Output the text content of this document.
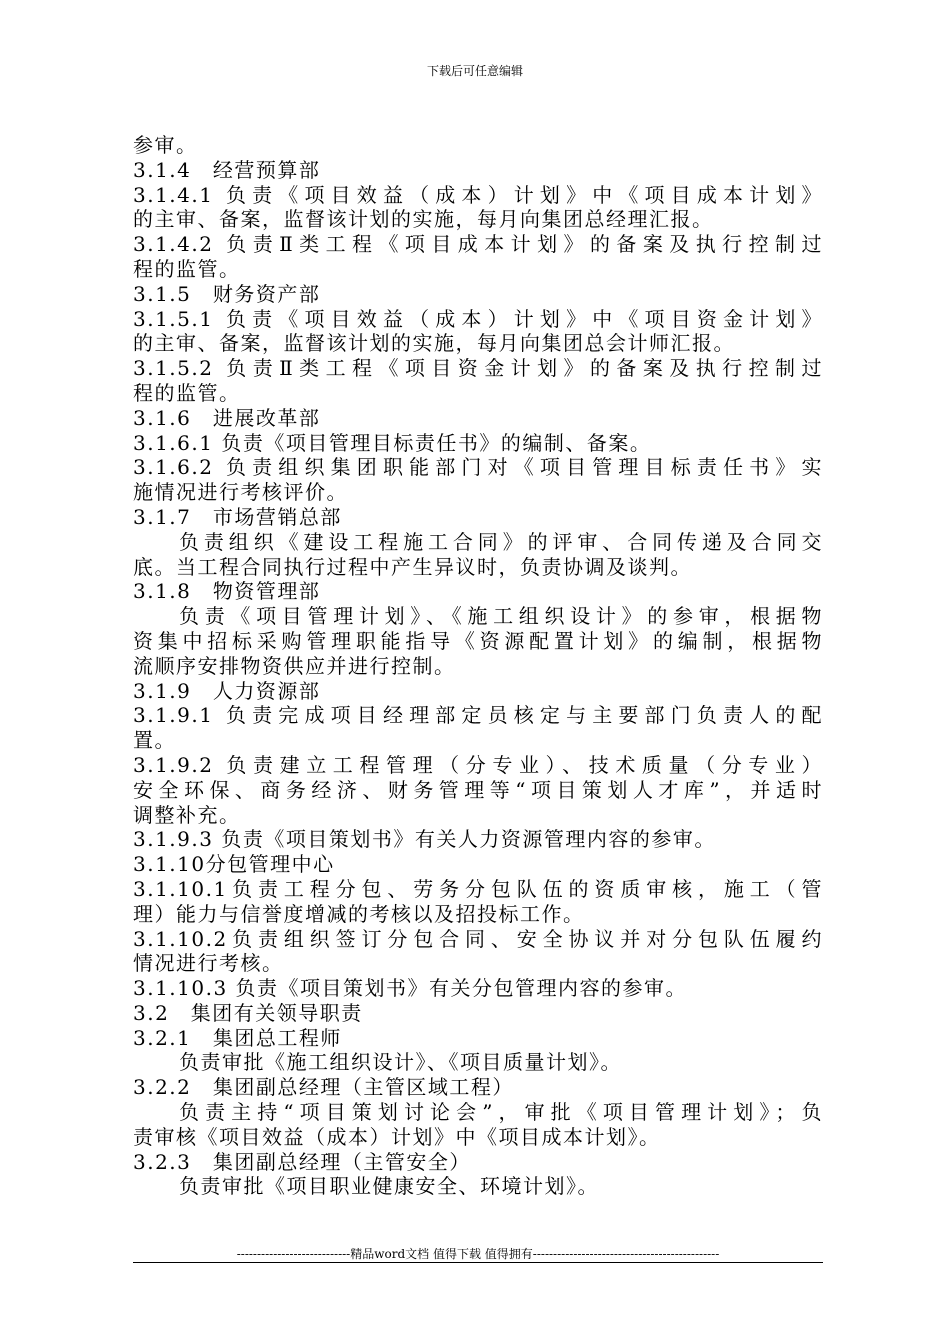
下载后可任意编辑
参审。
3.1.4　经营预算部
3.1.4.1 负责《项目效益（成本）计划》中《项目成本计划》
的主审、备案，监督该计划的实施，每月向集团总经理汇报。
3.1.4.2 负责Ⅱ类工程《项目成本计划》的备案及执行控制过
程的监管。
3.1.5　财务资产部
3.1.5.1 负责《项目效益（成本）计划》中《项目资金计划》
的主审、备案，监督该计划的实施，每月向集团总会计师汇报。
3.1.5.2 负责Ⅱ类工程《项目资金计划》的备案及执行控制过
程的监管。
3.1.6　进展改革部
3.1.6.1 负责《项目管理目标责任书》的编制、备案。
3.1.6.2 负责组织集团职能部门对《项目管理目标责任书》实
施情况进行考核评价。
3.1.7　市场营销总部
负责组织《建设工程施工合同》的评审、合同传递及合同交
底。当工程合同执行过程中产生异议时，负责协调及谈判。
3.1.8　物资管理部
负责《项目管理计划》、《施工组织设计》的参审，根据物
资集中招标采购管理职能指导《资源配置计划》的编制，根据物
流顺序安排物资供应并进行控制。
3.1.9　人力资源部
3.1.9.1 负责完成项目经理部定员核定与主要部门负责人的配
置。
3.1.9.2 负责建立工程管理（分专业）、技术质量（分专业）
安全环保、商务经济、财务管理等“项目策划人才库”，并适时
调整补充。
3.1.9.3 负责《项目策划书》有关人力资源管理内容的参审。
3.1.10分包管理中心
3.1.10.1负责工程分包、劳务分包队伍的资质审核，施工（管
理）能力与信誉度增减的考核以及招投标工作。
3.1.10.2负责组织签订分包合同、安全协议并对分包队伍履约
情况进行考核。
3.1.10.3 负责《项目策划书》有关分包管理内容的参审。
3.2　集团有关领导职责
3.2.1　集团总工程师
负责审批《施工组织设计》、《项目质量计划》。
3.2.2　集团副总经理（主管区域工程）
负责主持“项目策划讨论会”，审批《项目管理计划》；负
责审核《项目效益（成本）计划》中《项目成本计划》。
3.2.3　集团副总经理（主管安全）
负责审批《项目职业健康安全、环境计划》。
----------------------------精品word文档 值得下载 值得拥有----------------------------------------------
